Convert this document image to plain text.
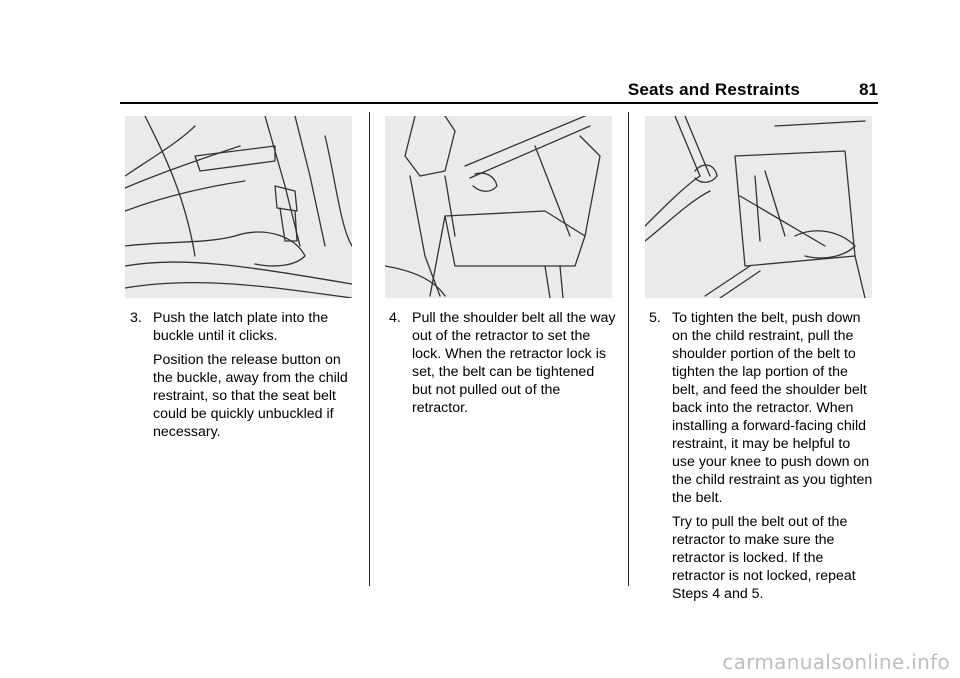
Seats and Restraints	81
3. Push the latch plate into the buckle until it clicks.

Position the release button on the buckle, away from the child restraint, so that the seat belt could be quickly unbuckled if necessary.

4. Pull the shoulder belt all the way out of the retractor to set the lock. When the retractor lock is set, the belt can be tightened but not pulled out of the retractor.

5. To tighten the belt, push down on the child restraint, pull the shoulder portion of the belt to tighten the lap portion of the belt, and feed the shoulder belt back into the retractor. When installing a forward-facing child restraint, it may be helpful to use your knee to push down on the child restraint as you tighten the belt.

Try to pull the belt out of the retractor to make sure the retractor is locked. If the retractor is not locked, repeat Steps 4 and 5.

carmanualsonline.info
